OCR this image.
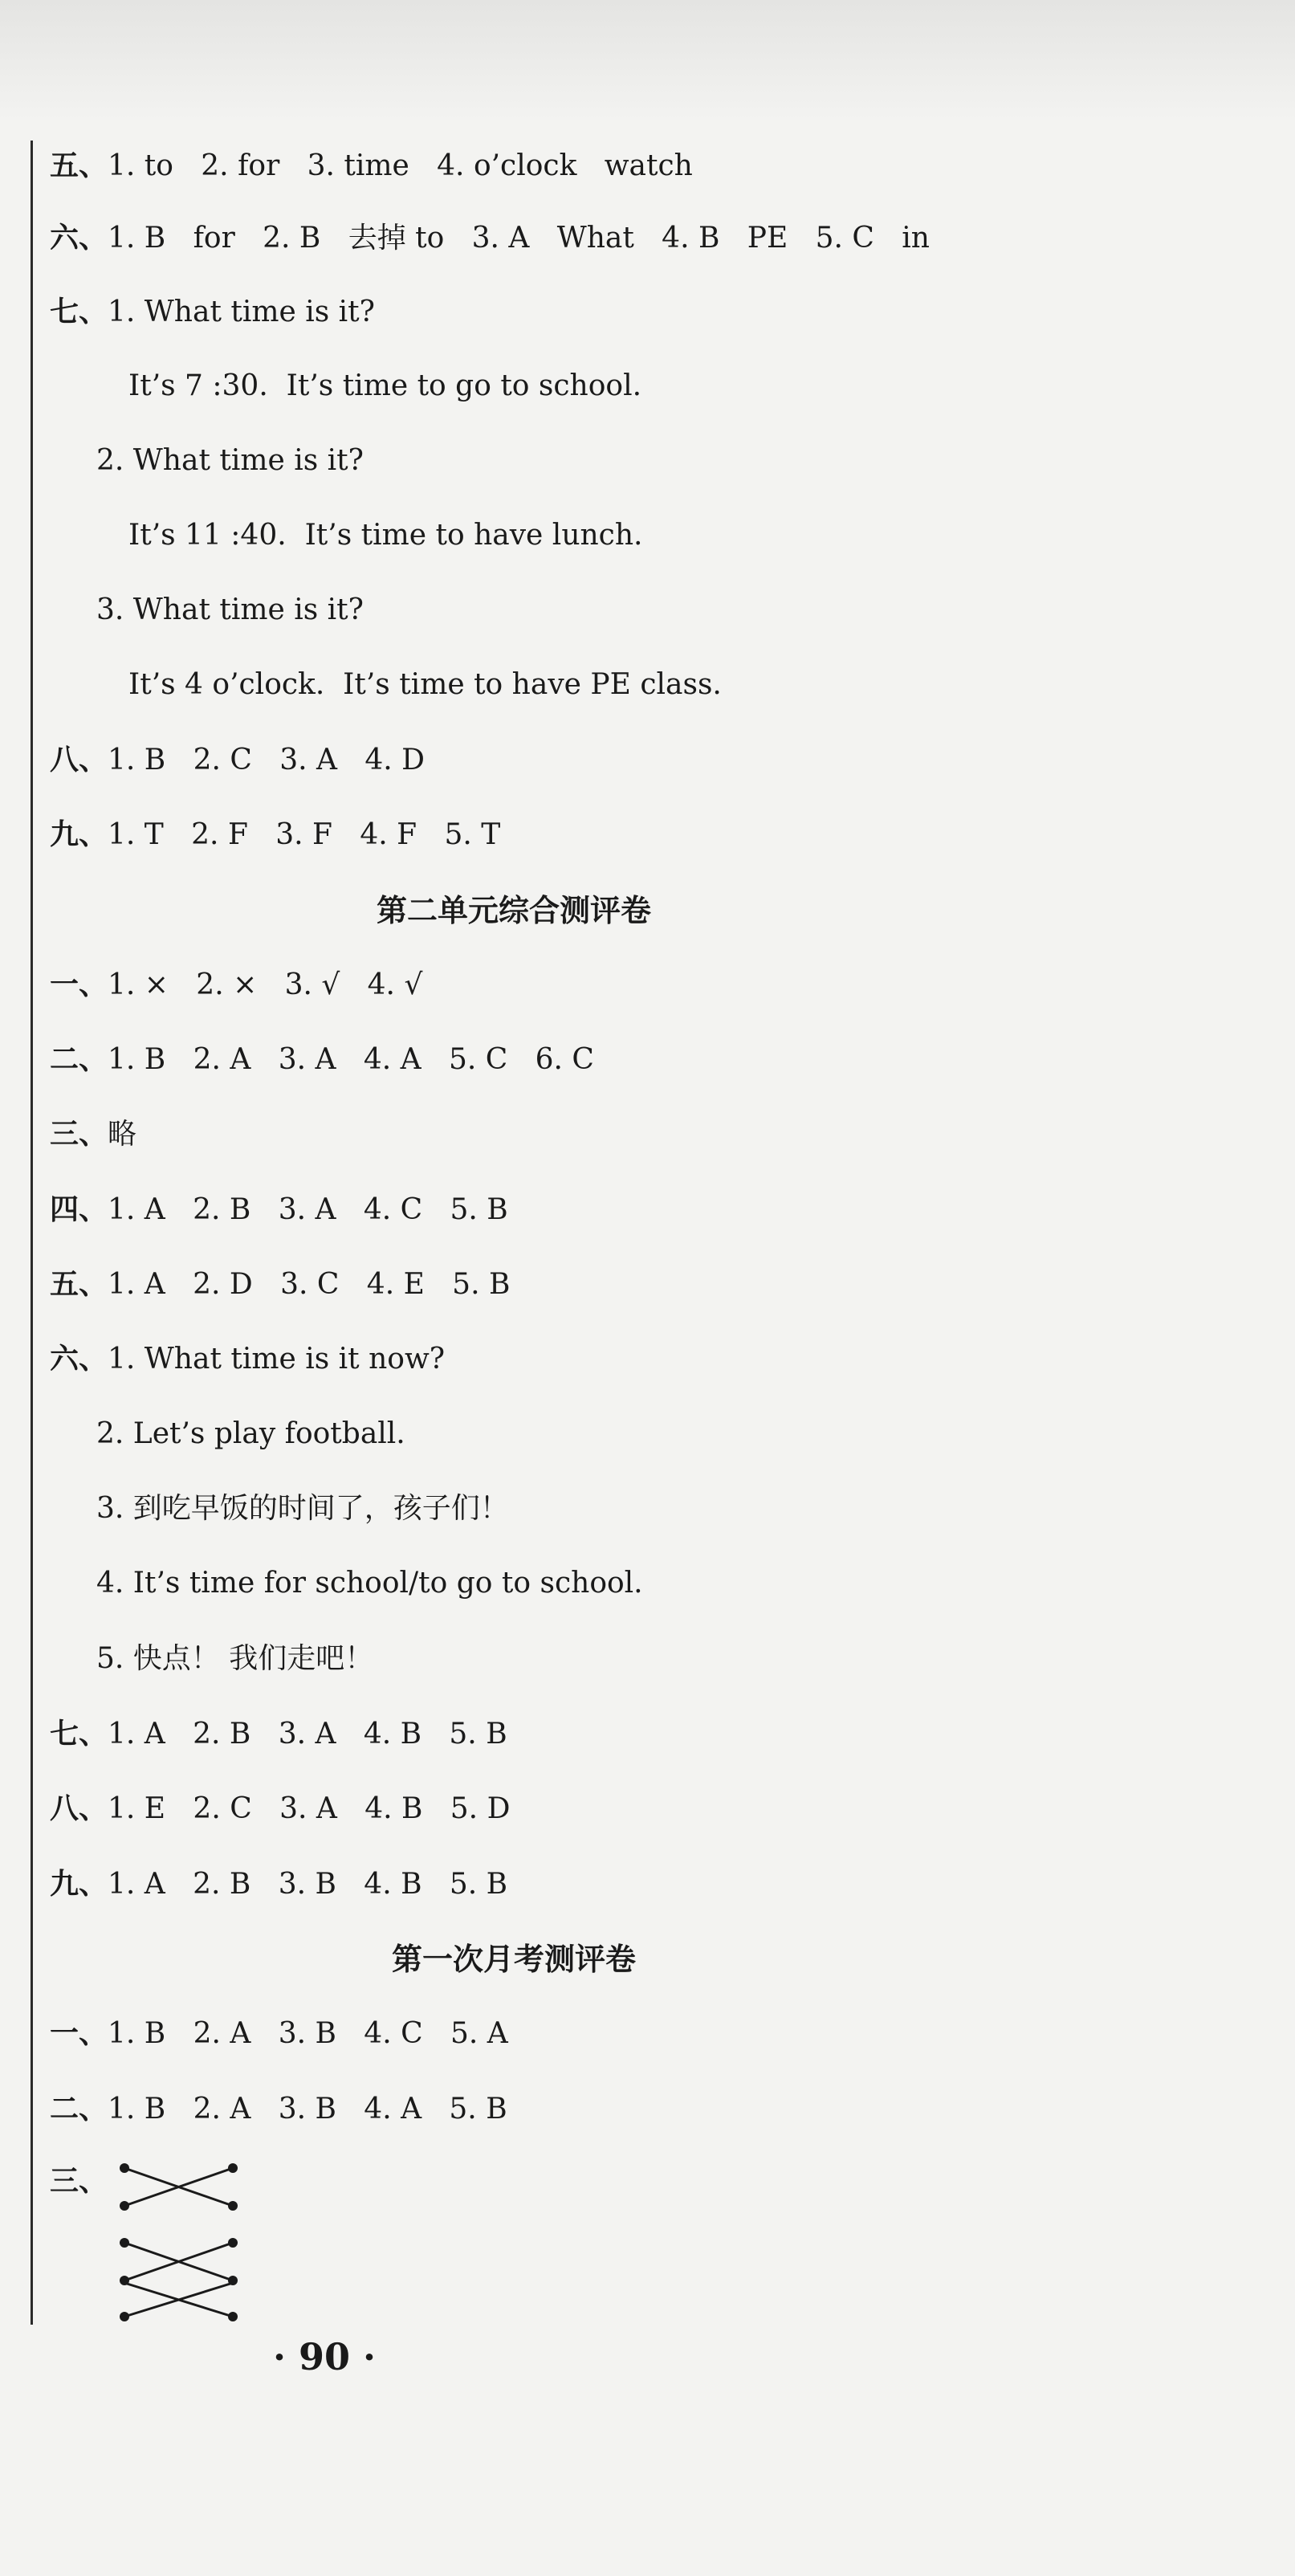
五、1. to   2. for   3. time   4. o’clock   watch
六、1. B   for   2. B   去掉 to   3. A   What   4. B   PE   5. C   in
七、1. What time is it?
It’s 7 :30.  It’s time to go to school.
2. What time is it?
It’s 11 :40.  It’s time to have lunch.
3. What time is it?
It’s 4 o’clock.  It’s time to have PE class.
八、1. B   2. C   3. A   4. D
九、1. T   2. F   3. F   4. F   5. T
第二单元综合测评卷
一、1. ×   2. ×   3. √   4. √
二、1. B   2. A   3. A   4. A   5. C   6. C
三、略
四、1. A   2. B   3. A   4. C   5. B
五、1. A   2. D   3. C   4. E   5. B
六、1. What time is it now?
2. Let’s play football.
3. 到吃早饭的时间了，孩子们！
4. It’s time for school/to go to school.
5. 快点！ 我们走吧！
七、1. A   2. B   3. A   4. B   5. B
八、1. E   2. C   3. A   4. B   5. D
九、1. A   2. B   3. B   4. B   5. B
第一次月考测评卷
一、1. B   2. A   3. B   4. C   5. A
二、1. B   2. A   3. B   4. A   5. B
三、
· 90 ·
